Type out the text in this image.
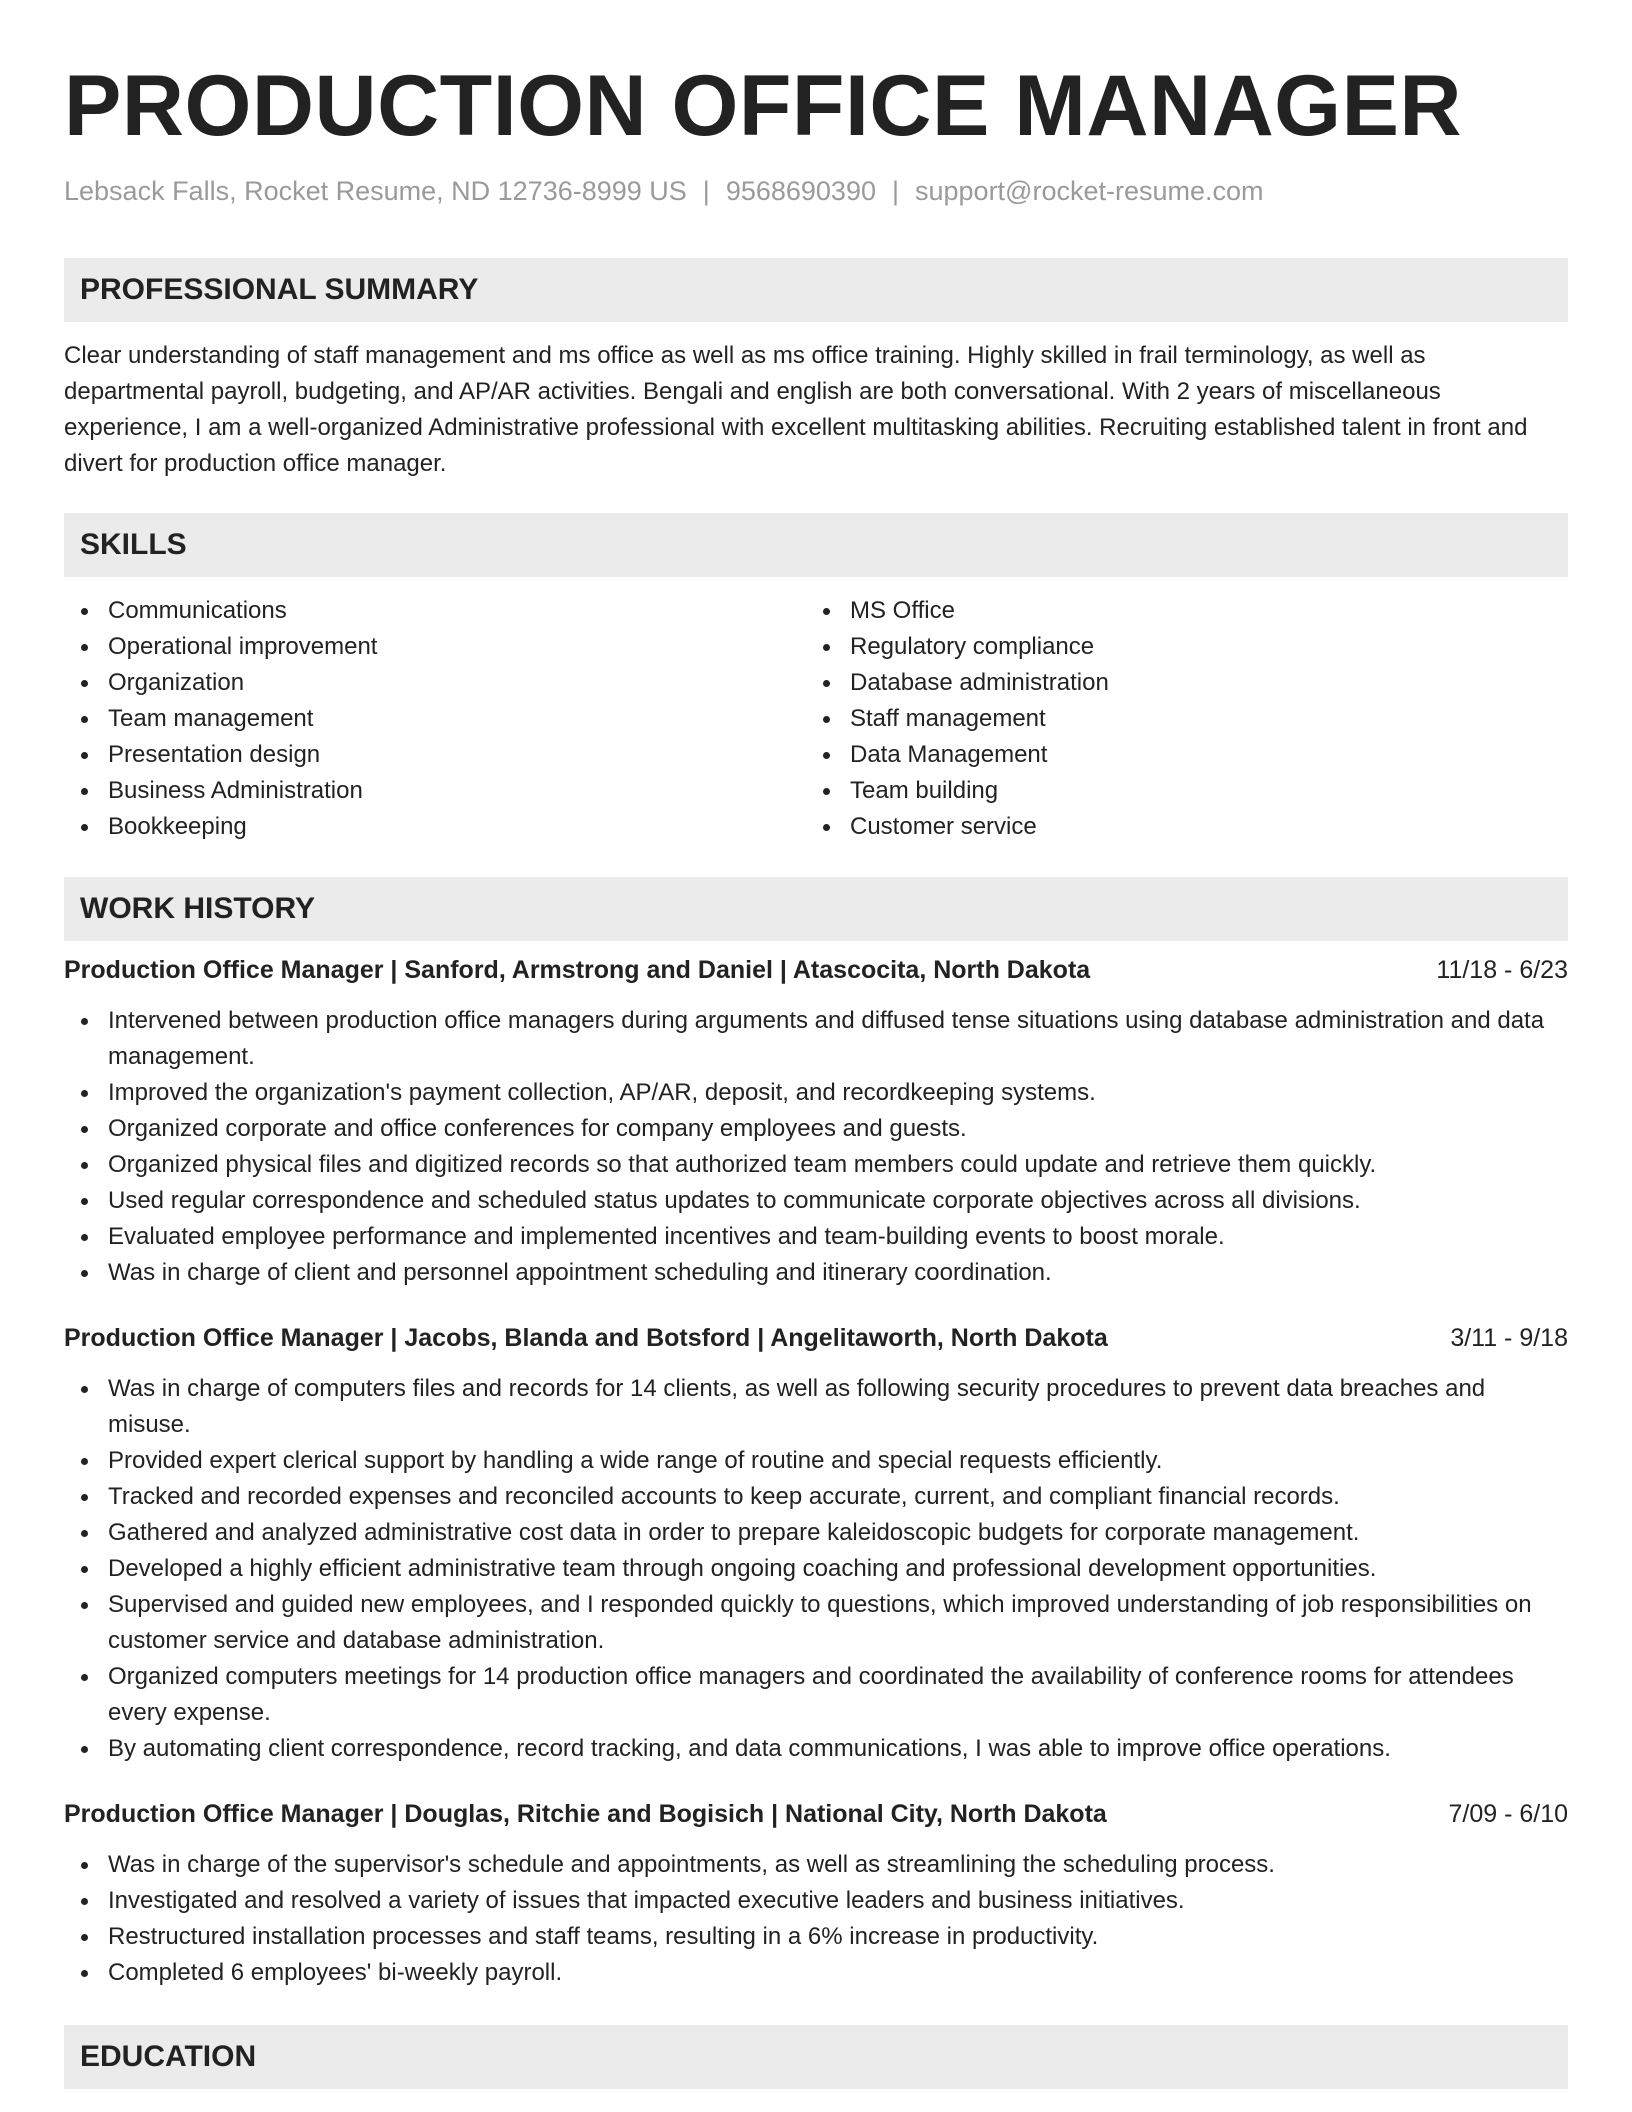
PRODUCTION OFFICE MANAGER
Lebsack Falls, Rocket Resume, ND 12736-8999 US | 9568690390 | support@rocket-resume.com
PROFESSIONAL SUMMARY
Clear understanding of staff management and ms office as well as ms office training. Highly skilled in frail terminology, as well as departmental payroll, budgeting, and AP/AR activities. Bengali and english are both conversational. With 2 years of miscellaneous experience, I am a well-organized Administrative professional with excellent multitasking abilities. Recruiting established talent in front and divert for production office manager.
SKILLS
Communications
Operational improvement
Organization
Team management
Presentation design
Business Administration
Bookkeeping
MS Office
Regulatory compliance
Database administration
Staff management
Data Management
Team building
Customer service
WORK HISTORY
Production Office Manager | Sanford, Armstrong and Daniel | Atascocita, North Dakota	11/18 - 6/23
Intervened between production office managers during arguments and diffused tense situations using database administration and data management.
Improved the organization's payment collection, AP/AR, deposit, and recordkeeping systems.
Organized corporate and office conferences for company employees and guests.
Organized physical files and digitized records so that authorized team members could update and retrieve them quickly.
Used regular correspondence and scheduled status updates to communicate corporate objectives across all divisions.
Evaluated employee performance and implemented incentives and team-building events to boost morale.
Was in charge of client and personnel appointment scheduling and itinerary coordination.
Production Office Manager | Jacobs, Blanda and Botsford | Angelitaworth, North Dakota	3/11 - 9/18
Was in charge of computers files and records for 14 clients, as well as following security procedures to prevent data breaches and misuse.
Provided expert clerical support by handling a wide range of routine and special requests efficiently.
Tracked and recorded expenses and reconciled accounts to keep accurate, current, and compliant financial records.
Gathered and analyzed administrative cost data in order to prepare kaleidoscopic budgets for corporate management.
Developed a highly efficient administrative team through ongoing coaching and professional development opportunities.
Supervised and guided new employees, and I responded quickly to questions, which improved understanding of job responsibilities on customer service and database administration.
Organized computers meetings for 14 production office managers and coordinated the availability of conference rooms for attendees every expense.
By automating client correspondence, record tracking, and data communications, I was able to improve office operations.
Production Office Manager | Douglas, Ritchie and Bogisich | National City, North Dakota	7/09 - 6/10
Was in charge of the supervisor's schedule and appointments, as well as streamlining the scheduling process.
Investigated and resolved a variety of issues that impacted executive leaders and business initiatives.
Restructured installation processes and staff teams, resulting in a 6% increase in productivity.
Completed 6 employees' bi-weekly payroll.
EDUCATION
